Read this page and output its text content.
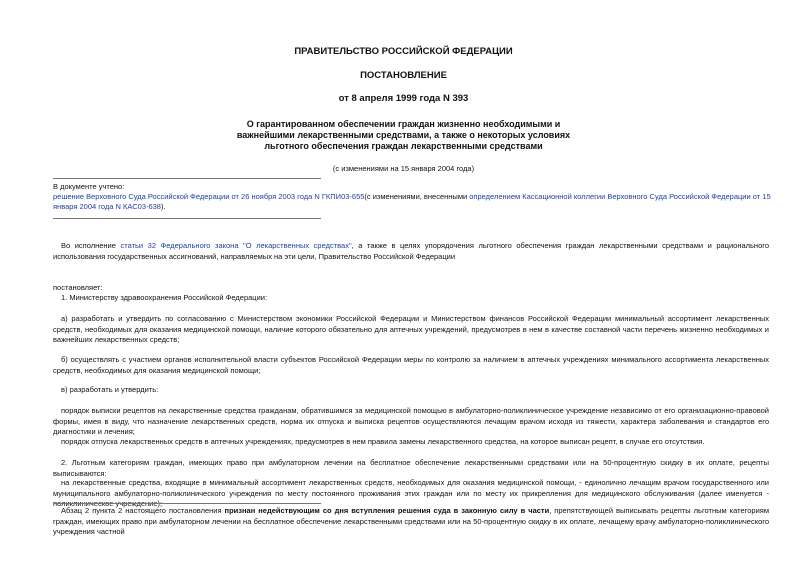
ПРАВИТЕЛЬСТВО РОССИЙСКОЙ ФЕДЕРАЦИИ
ПОСТАНОВЛЕНИЕ
от 8 апреля 1999 года N 393
О гарантированном обеспечении граждан жизненно необходимыми и
важнейшими лекарственными средствами, а также о некоторых условиях
льготного обеспечения граждан лекарственными средствами
(с изменениями на 15 января 2004 года)
В документе учтено:
решение Верховного Суда Российской Федерации от 26 ноября 2003 года N ГКПИ03-655(с изменениями, внесенными определением Кассационной коллегии Верховного Суда Российской Федерации от 15 января 2004 года N КАС03-638).
Во исполнение статьи 32 Федерального закона "О лекарственных средствах", а также в целях упорядочения льготного обеспечения граждан лекарственными средствами и рационального использования государственных ассигнований, направляемых на эти цели, Правительство Российской Федерации
постановляет:
1. Министерству здравоохранения Российской Федерации:
а) разработать и утвердить по согласованию с Министерством экономики Российской Федерации и Министерством финансов Российской Федерации минимальный ассортимент лекарственных средств, необходимых для оказания медицинской помощи, наличие которого обязательно для аптечных учреждений, предусмотрев в нем в качестве составной части перечень жизненно необходимых и важнейших лекарственных средств;
б) осуществлять с участием органов исполнительной власти субъектов Российской Федерации меры по контролю за наличием в аптечных учреждениях минимального ассортимента лекарственных средств, необходимых для оказания медицинской помощи;
в) разработать и утвердить:
порядок выписки рецептов на лекарственные средства гражданам, обратившимся за медицинской помощью в амбулаторно-поликлиническое учреждение независимо от его организационно-правовой формы, имея в виду, что назначение лекарственных средств, норма их отпуска и выписка рецептов осуществляются лечащим врачом исходя из тяжести, характера заболевания и стандартов его диагностики и лечения;
порядок отпуска лекарственных средств в аптечных учреждениях, предусмотрев в нем правила замены лекарственного средства, на которое выписан рецепт, в случае его отсутствия.
2. Льготным категориям граждан, имеющих право при амбулаторном лечении на бесплатное обеспечение лекарственными средствами или на 50-процентную скидку в их оплате, рецепты выписываются:
на лекарственные средства, входящие в минимальный ассортимент лекарственных средств, необходимых для оказания медицинской помощи, - единолично лечащим врачом государственного или муниципального амбулаторно-поликлинического учреждения по месту постоянного проживания этих граждан или по месту их прикрепления для медицинского обслуживания (далее именуется - поликлиническое учреждение);
Абзац 2 пункта 2 настоящего постановления признан недействующим со дня вступления решения суда в законную силу в части, препятствующей выписывать рецепты льготным категориям граждан, имеющих право при амбулаторном лечении на бесплатное обеспечение лекарственными средствами или на 50-процентную скидку в их оплате, лечащему врачу амбулаторно-поликлинического учреждения частной
